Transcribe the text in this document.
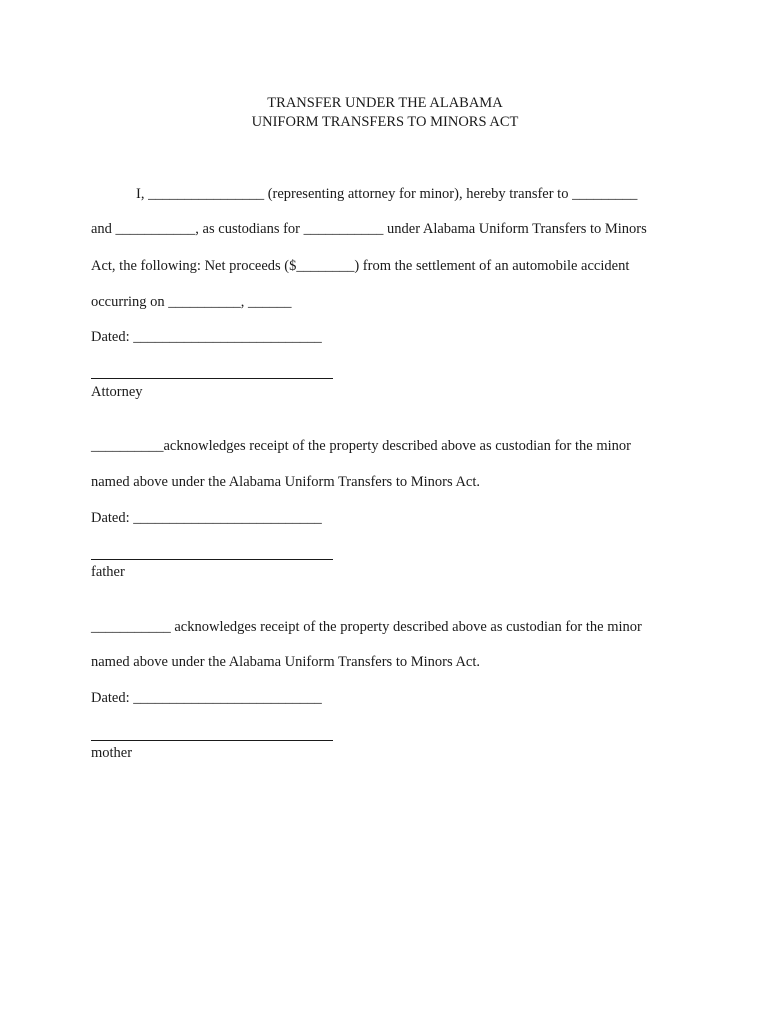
TRANSFER UNDER THE ALABAMA
UNIFORM TRANSFERS TO MINORS ACT
I, ________________ (representing attorney for minor), hereby transfer to _________
and ___________, as custodians for ___________ under Alabama Uniform Transfers to Minors
Act, the following: Net proceeds ($________) from the settlement of an automobile accident
occurring on __________, ______
Dated: __________________________
Attorney
__________acknowledges receipt of the property described above as custodian for the minor
named above under the Alabama Uniform Transfers to Minors Act.
Dated: __________________________
father
___________ acknowledges receipt of the property described above as custodian for the minor
named above under the Alabama Uniform Transfers to Minors Act.
Dated: __________________________
mother
